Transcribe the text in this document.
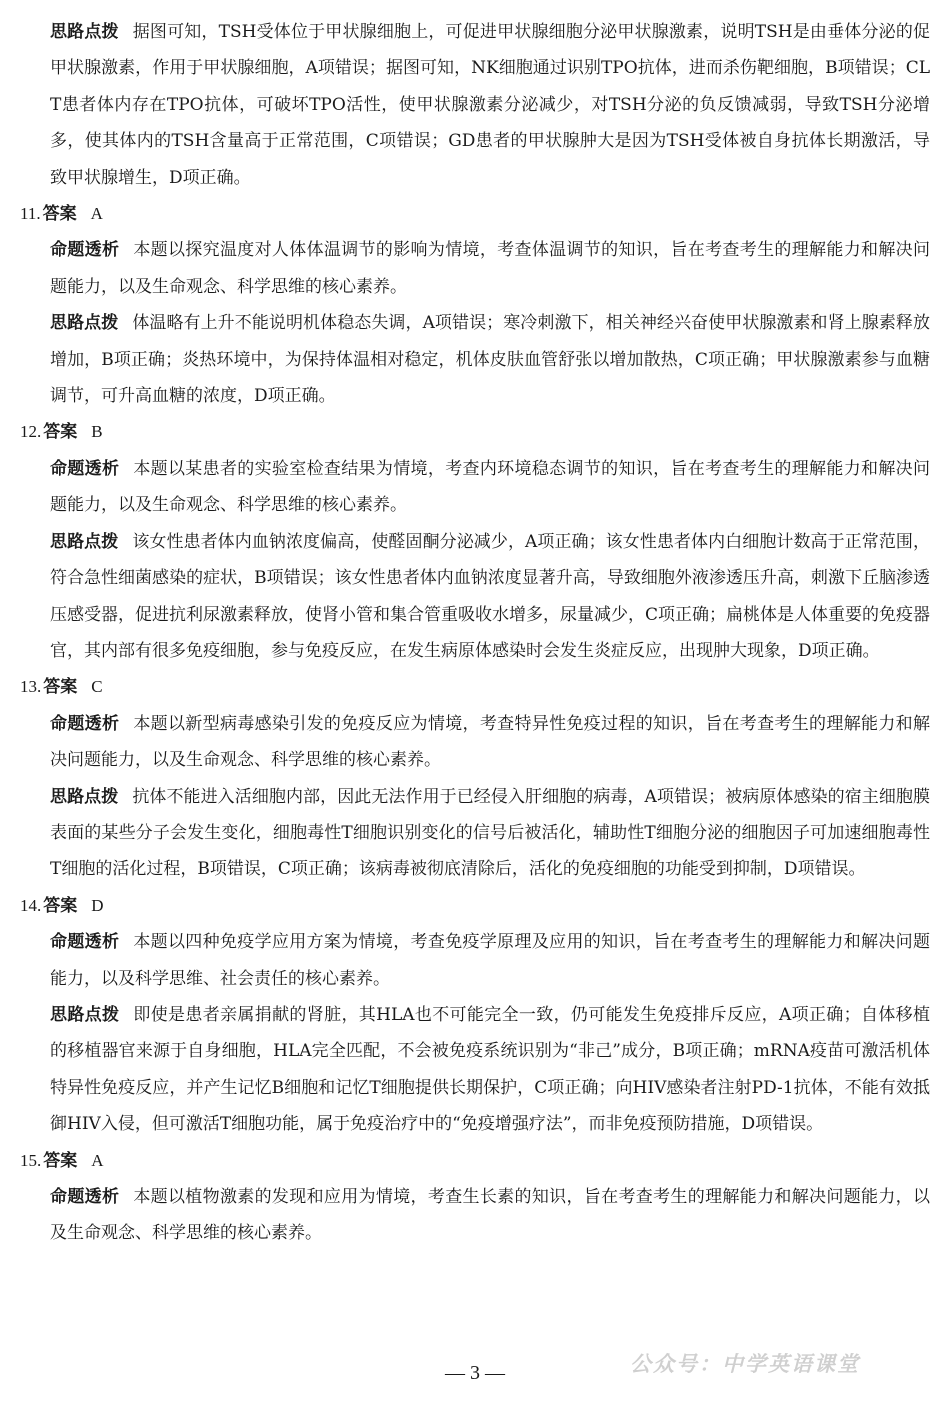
思路点拨 据图可知，TSH受体位于甲状腺细胞上，可促进甲状腺细胞分泌甲状腺激素，说明TSH是由垂体分泌的促甲状腺激素，作用于甲状腺细胞，A项错误；据图可知，NK细胞通过识别TPO抗体，进而杀伤靶细胞，B项错误；CLT患者体内存在TPO抗体，可破坏TPO活性，使甲状腺激素分泌减少，对TSH分泌的负反馈减弱，导致TSH分泌增多，使其体内的TSH含量高于正常范围，C项错误；GD患者的甲状腺肿大是因为TSH受体被自身抗体长期激活，导致甲状腺增生，D项正确。

11. 答案 A

命题透析 本题以探究温度对人体体温调节的影响为情境，考查体温调节的知识，旨在考查考生的理解能力和解决问题能力，以及生命观念、科学思维的核心素养。

思路点拨 体温略有上升不能说明机体稳态失调，A项错误；寒冷刺激下，相关神经兴奋使甲状腺激素和肾上腺素释放增加，B项正确；炎热环境中，为保持体温相对稳定，机体皮肤血管舒张以增加散热，C项正确；甲状腺激素参与血糖调节，可升高血糖的浓度，D项正确。

12. 答案 B

命题透析 本题以某患者的实验室检查结果为情境，考查内环境稳态调节的知识，旨在考查考生的理解能力和解决问题能力，以及生命观念、科学思维的核心素养。

思路点拨 该女性患者体内血钠浓度偏高，使醛固酮分泌减少，A项正确；该女性患者体内白细胞计数高于正常范围，符合急性细菌感染的症状，B项错误；该女性患者体内血钠浓度显著升高，导致细胞外液渗透压升高，刺激下丘脑渗透压感受器，促进抗利尿激素释放，使肾小管和集合管重吸收水增多，尿量减少，C项正确；扁桃体是人体重要的免疫器官，其内部有很多免疫细胞，参与免疫反应，在发生病原体感染时会发生炎症反应，出现肿大现象，D项正确。

13. 答案 C

命题透析 本题以新型病毒感染引发的免疫反应为情境，考查特异性免疫过程的知识，旨在考查考生的理解能力和解决问题能力，以及生命观念、科学思维的核心素养。

思路点拨 抗体不能进入活细胞内部，因此无法作用于已经侵入肝细胞的病毒，A项错误；被病原体感染的宿主细胞膜表面的某些分子会发生变化，细胞毒性T细胞识别变化的信号后被活化，辅助性T细胞分泌的细胞因子可加速细胞毒性T细胞的活化过程，B项错误，C项正确；该病毒被彻底清除后，活化的免疫细胞的功能受到抑制，D项错误。

14. 答案 D

命题透析 本题以四种免疫学应用方案为情境，考查免疫学原理及应用的知识，旨在考查考生的理解能力和解决问题能力，以及科学思维、社会责任的核心素养。

思路点拨 即使是患者亲属捐献的肾脏，其HLA也不可能完全一致，仍可能发生免疫排斥反应，A项正确；自体移植的移植器官来源于自身细胞，HLA完全匹配，不会被免疫系统识别为“非己”成分，B项正确；mRNA疫苗可激活机体特异性免疫反应，并产生记忆B细胞和记忆T细胞提供长期保护，C项正确；向HIV感染者注射PD-1抗体，不能有效抵御HIV入侵，但可激活T细胞功能，属于免疫治疗中的“免疫增强疗法”，而非免疫预防措施，D项错误。

15. 答案 A

命题透析 本题以植物激素的发现和应用为情境，考查生长素的知识，旨在考查考生的理解能力和解决问题能力，以及生命观念、科学思维的核心素养。

— 3 —	公众号：中学英语课堂
